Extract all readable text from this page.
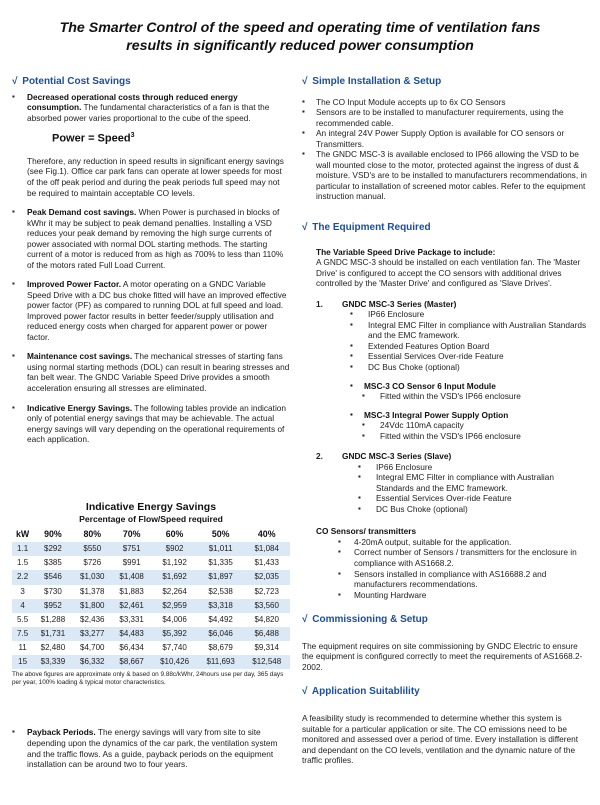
The Smarter Control of the speed and operating time of ventilation fans
results in significantly reduced power consumption
√ Potential Cost Savings
▪ Decreased operational costs through reduced energy consumption. The fundamental characteristics of a fan is that the absorbed power varies proportional to the cube of the speed.
Power = Speed$^3$

Therefore, any reduction in speed results in significant energy savings (see Fig.1). Office car park fans can operate at lower speeds for most of the off peak period and during the peak periods full speed may not be required to maintain acceptable CO levels.

▪ Peak Demand cost savings. When Power is purchased in blocks of kWhr it may be subject to peak demand penalties. Installing a VSD reduces your peak demand by removing the high surge currents of power associated with normal DOL starting methods. The starting current of a motor is reduced from as high as 700% to less than 110% of the motors rated Full Load Current.
▪ Improved Power Factor. A motor operating on a GNDC Variable Speed Drive with a DC bus choke fitted will have an improved effective power factor (PF) as compared to running DOL at full speed and load. Improved power factor results in better feeder/supply utilisation and reduced energy costs when charged for apparent power or power factor.
▪ Maintenance cost savings. The mechanical stresses of starting fans using normal starting methods (DOL) can result in bearing stresses and fan belt wear. The GNDC Variable Speed Drive provides a smooth acceleration ensuring all stresses are eliminated.
▪ Indicative Energy Savings. The following tables provide an indication only of potential energy savings that may be achievable. The actual energy savings will vary depending on the operational requirements of each application.
Indicative Energy Savings
Percentage of Flow/Speed required
kW	90%	80%	70%	60%	50%	40%
1.1	$292	$550	$751	$902	$1,011	$1,084
1.5	$385	$726	$991	$1,192	$1,335	$1,433
2.2	$546	$1,030	$1,408	$1,692	$1,897	$2,035
3	$730	$1,378	$1,883	$2,264	$2,538	$2,723
4	$952	$1,800	$2,461	$2,959	$3,318	$3,560
5.5	$1,288	$2,436	$3,331	$4,006	$4,492	$4,820
7.5	$1,731	$3,277	$4,483	$5,392	$6,046	$6,488
11	$2,480	$4,700	$6,434	$7,740	$8,679	$9,314
15	$3,339	$6,332	$8,667	$10,426	$11,693	$12,548
The above figures are approximate only & based on 9.88c/kWhr, 24hours use per day, 365 days per year, 100% loading & typical motor characteristics.
▪ Payback Periods. The energy savings will vary from site to site depending upon the dynamics of the car park, the ventilation system and the traffic flows. As a guide, payback periods on the equipment installation can be around two to four years.
√ Simple Installation & Setup
▪ The CO Input Module accepts up to 6x CO Sensors
▪ Sensors are to be installed to manufacturer requirements, using the recommended cable.
▪ An integral 24V Power Supply Option is available for CO sensors or Transmitters.
▪ The GNDC MSC-3 is available enclosed to IP66 allowing the VSD to be wall mounted close to the motor, protected against the ingress of dust & moisture. VSD's are to be installed to manufacturers recommendations, in particular to installation of screened motor cables. Refer to the equipment instruction manual.
√ The Equipment Required
The Variable Speed Drive Package to include:

A GNDC MSC-3 should be installed on each ventilation fan. The 'Master Drive' is configured to accept the CO sensors with additional drives controlled by the 'Master Drive' and configured as 'Slave Drives'.

1. GNDC MSC-3 Series (Master)
▪ IP66 Enclosure
▪ Integral EMC Filter in compliance with Australian Standards and the EMC framework.
▪ Extended Features Option Board
▪ Essential Services Over-ride Feature
▪ DC Bus Choke (optional)
▪ MSC-3 CO Sensor 6 Input Module
▪ Fitted within the VSD's IP66 enclosure
▪ MSC-3 Integral Power Supply Option
▪ 24Vdc 110mA capacity
▪ Fitted within the VSD's IP66 enclosure
2. GNDC MSC-3 Series (Slave)
▪ IP66 Enclosure
▪ Integral EMC Filter in compliance with Australian Standards and the EMC framework.
▪ Essential Services Over-ride Feature
▪ DC Bus Choke (optional)
CO Sensors/ transmitters
▪ 4-20mA output, suitable for the application.
▪ Correct number of Sensors / transmitters for the enclosure in compliance with AS1668.2.
▪ Sensors installed in compliance with AS16688.2 and manufacturers recommendations.
▪ Mounting Hardware
√ Commissioning & Setup

The equipment requires on site commissioning by GNDC Electric to ensure the equipment is configured correctly to meet the requirements of AS1668.2-2002.

√ Application Suitablility

A feasibility study is recommended to determine whether this system is suitable for a particular application or site. The CO emissions need to be monitored and assessed over a period of time. Every installation is different and dependant on the CO levels, ventilation and the dynamic nature of the traffic profiles.
